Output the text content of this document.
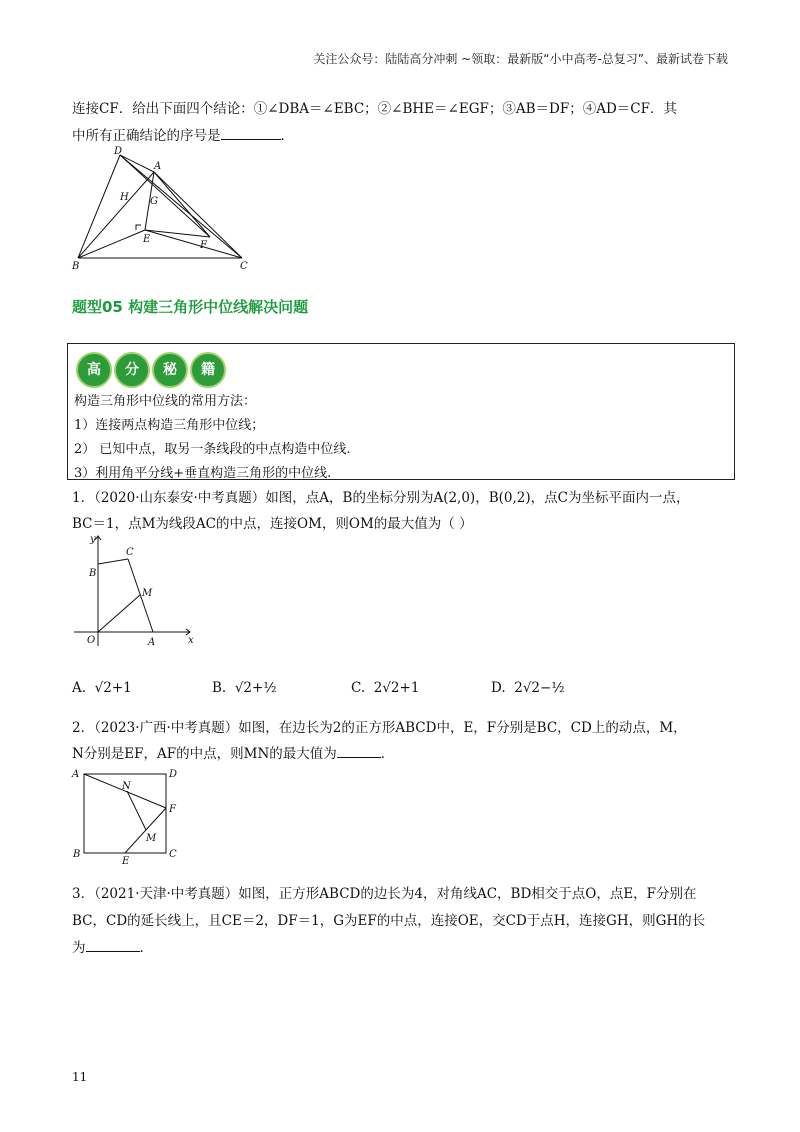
关注公众号：陆陆高分冲刺 ~领取：最新版“小中高考-总复习”、最新试卷下载
连接CF．给出下面四个结论：①∠DBA＝∠EBC；②∠BHE＝∠EGF；③AB＝DF；④AD＝CF．其
中所有正确结论的序号是	．
D
A
H G
E
F
B	C
题型05 构建三角形中位线解决问题
高	分	秘	籍
构造三角形中位线的常用方法：
1）连接两点构造三角形中位线；
2） 已知中点，取另一条线段的中点构造中位线.
3）利用角平分线+垂直构造三角形的中位线.
1．（2020·山东泰安·中考真题）如图，点A，B的坐标分别为A(2,0)，B(0,2)，点C为坐标平面内一点，
BC＝1，点M为线段AC的中点，连接OM，则OM的最大值为（ ）
y
x
O	A
B
C
M
A. √2+1	B. √2+½	C. 2√2+1	D. 2√2−½
2．（2023·广西·中考真题）如图，在边长为2的正方形ABCD中，E，F分别是BC，CD上的动点，M，
N分别是EF，AF的中点，则MN的最大值为	．
A	D
N
F
M
B
E
C
3．（2021·天津·中考真题）如图，正方形ABCD的边长为4，对角线AC，BD相交于点O，点E，F分别在
BC，CD的延长线上，且CE＝2，DF＝1，G为EF的中点，连接OE，交CD于点H，连接GH，则GH的长
为	．
11
